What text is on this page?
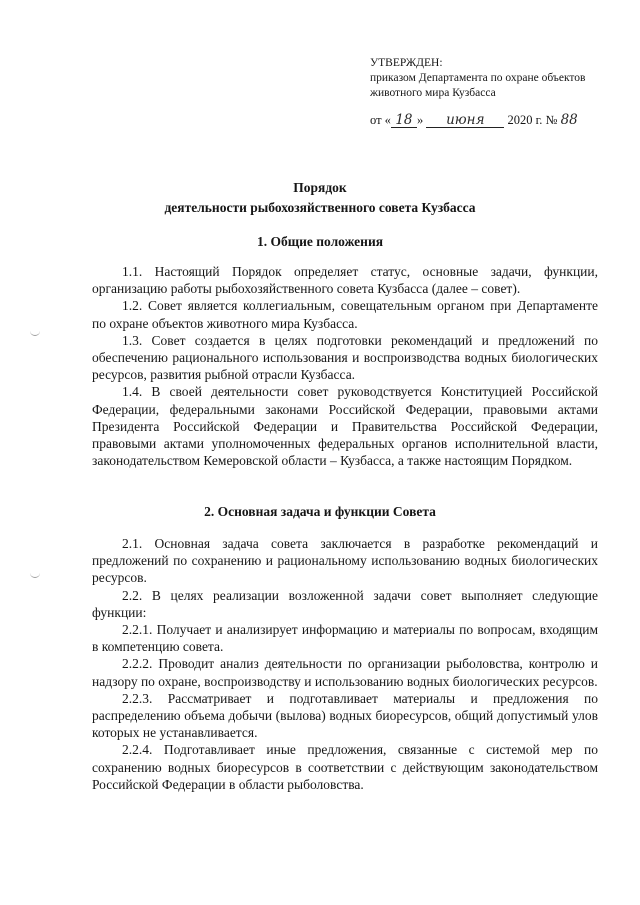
УТВЕРЖДЕН:
приказом Департамента по охране объектов
животного мира Кузбасса
от « 18 » июня 2020 г. № 88
Порядок
деятельности рыбохозяйственного совета Кузбасса
1. Общие положения

1.1. Настоящий Порядок определяет статус, основные задачи, функции, организацию работы рыбохозяйственного совета Кузбасса (далее – совет).

1.2. Совет является коллегиальным, совещательным органом при Департаменте по охране объектов животного мира Кузбасса.

1.3. Совет создается в целях подготовки рекомендаций и предложений по обеспечению рационального использования и воспроизводства водных биологических ресурсов, развития рыбной отрасли Кузбасса.

1.4. В своей деятельности совет руководствуется Конституцией Российской Федерации, федеральными законами Российской Федерации, правовыми актами Президента Российской Федерации и Правительства Российской Федерации, правовыми актами уполномоченных федеральных органов исполнительной власти, законодательством Кемеровской области – Кузбасса, а также настоящим Порядком.

2. Основная задача и функции Совета

2.1. Основная задача совета заключается в разработке рекомендаций и предложений по сохранению и рациональному использованию водных биологических ресурсов.

2.2. В целях реализации возложенной задачи совет выполняет следующие функции:

2.2.1. Получает и анализирует информацию и материалы по вопросам, входящим в компетенцию совета.

2.2.2. Проводит анализ деятельности по организации рыболовства, контролю и надзору по охране, воспроизводству и использованию водных биологических ресурсов.

2.2.3. Рассматривает и подготавливает материалы и предложения по распределению объема добычи (вылова) водных биоресурсов, общий допустимый улов которых не устанавливается.

2.2.4. Подготавливает иные предложения, связанные с системой мер по сохранению водных биоресурсов в соответствии с действующим законодательством Российской Федерации в области рыболовства.
